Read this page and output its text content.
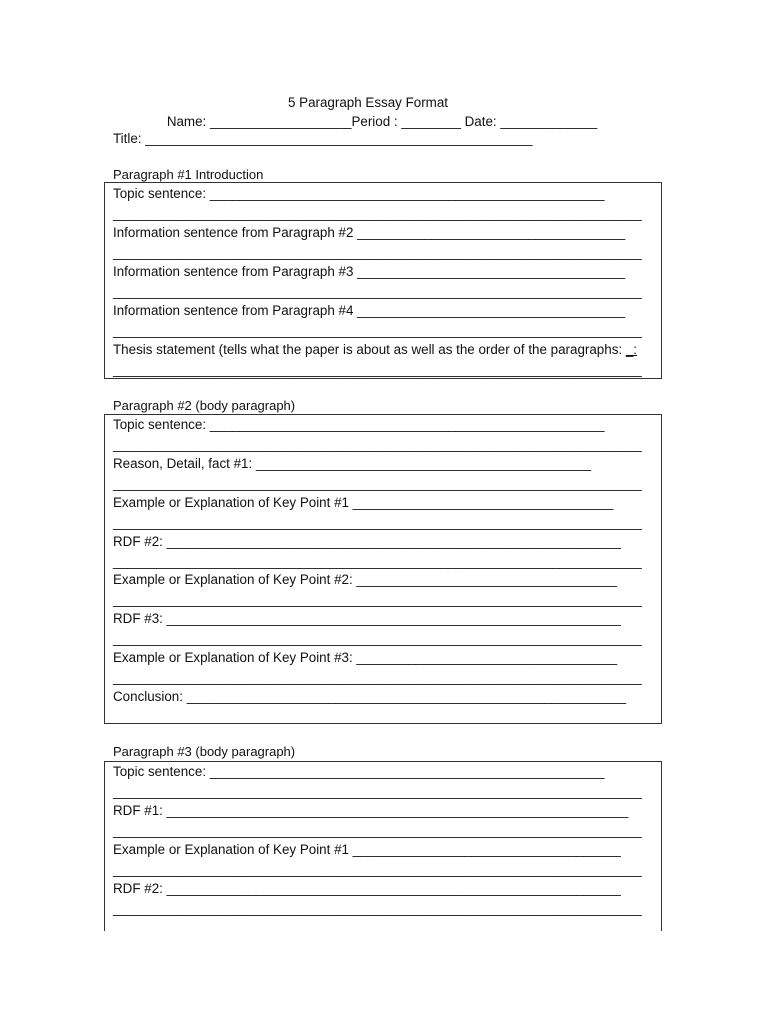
5 Paragraph Essay Format
Name: ___________________Period : ________ Date: _____________
Title: ____________________________________________________
Paragraph #1 Introduction
Topic sentence: _____________________________________________________
_______________________________________________________________________
Information sentence from Paragraph #2 ____________________________________
_______________________________________________________________________
Information sentence from Paragraph #3 ____________________________________
_______________________________________________________________________
Information sentence from Paragraph #4 ____________________________________
_______________________________________________________________________
Thesis statement (tells what the paper is about as well as the order of the paragraphs: _:
_______________________________________________________________________
Paragraph #2 (body paragraph)
Topic sentence: _____________________________________________________
_______________________________________________________________________
Reason, Detail, fact #1: _____________________________________________
_______________________________________________________________________
Example or Explanation of Key Point #1 ___________________________________
_______________________________________________________________________
RDF #2: _____________________________________________________________
_______________________________________________________________________
Example or Explanation of Key Point #2: ___________________________________
_______________________________________________________________________
RDF #3: _____________________________________________________________
_______________________________________________________________________
Example or Explanation of Key Point #3: ___________________________________
_______________________________________________________________________
Conclusion: ___________________________________________________________
Paragraph #3 (body paragraph)
Topic sentence: _____________________________________________________
_______________________________________________________________________
RDF #1: ______________________________________________________________
_______________________________________________________________________
Example or Explanation of Key Point #1 ____________________________________
_______________________________________________________________________
RDF #2: _____________________________________________________________
_______________________________________________________________________
